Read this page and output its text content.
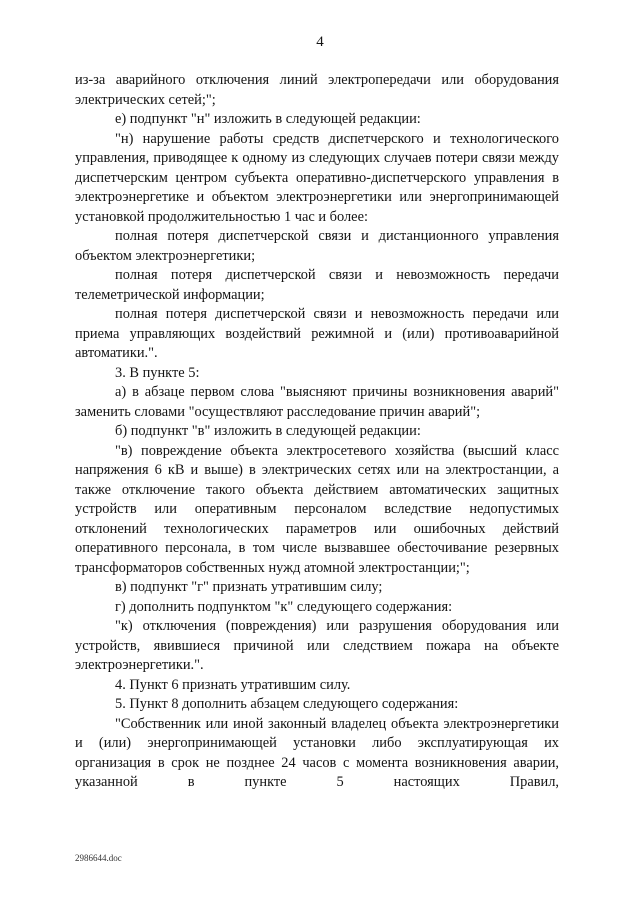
4

из-за аварийного отключения линий электропередачи или оборудования электрических сетей;";

е) подпункт "н" изложить в следующей редакции:

"н) нарушение работы средств диспетчерского и технологического управления, приводящее к одному из следующих случаев потери связи между диспетчерским центром субъекта оперативно-диспетчерского управления в электроэнергетике и объектом электроэнергетики или энергопринимающей установкой продолжительностью 1 час и более:

полная потеря диспетчерской связи и дистанционного управления объектом электроэнергетики;

полная потеря диспетчерской связи и невозможность передачи телеметрической информации;

полная потеря диспетчерской связи и невозможность передачи или приема управляющих воздействий режимной и (или) противоаварийной автоматики.".

3. В пункте 5:

а) в абзаце первом слова "выясняют причины возникновения аварий" заменить словами "осуществляют расследование причин аварий";

б) подпункт "в" изложить в следующей редакции:

"в) повреждение объекта электросетевого хозяйства (высший класс напряжения 6 кВ и выше) в электрических сетях или на электростанции, а также отключение такого объекта действием автоматических защитных устройств или оперативным персоналом вследствие недопустимых отклонений технологических параметров или ошибочных действий оперативного персонала, в том числе вызвавшее обесточивание резервных трансформаторов собственных нужд атомной электростанции;";

в) подпункт "г" признать утратившим силу;

г) дополнить подпунктом "к" следующего содержания:

"к) отключения (повреждения) или разрушения оборудования или устройств, явившиеся причиной или следствием пожара на объекте электроэнергетики.".

4. Пункт 6 признать утратившим силу.

5. Пункт 8 дополнить абзацем следующего содержания:

"Собственник или иной законный владелец объекта электроэнергетики и (или) энергопринимающей установки либо эксплуатирующая их организация в срок не позднее 24 часов с момента возникновения аварии, указанной в пункте 5 настоящих Правил,

2986644.doc
